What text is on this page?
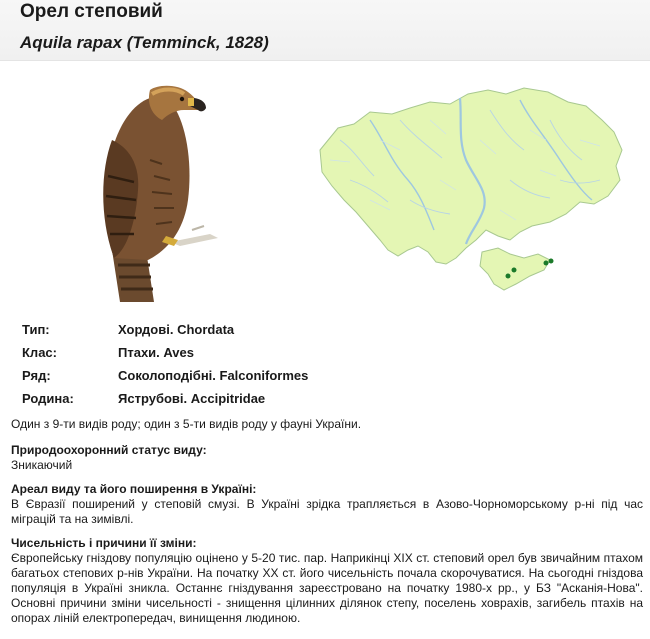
Орел степовий
Aquila rapax (Temminck, 1828)
Тип:	Хордові. Chordata
Клас:	Птахи. Aves
Ряд:	Соколоподібні. Falconiformes
Родина:	Яструбові. Accipitridae
Один з 9-ти видів роду; один з 5-ти видів роду у фауні України.
Природоохоронний статус виду:
Зникаючий
Ареал виду та його поширення в Україні:
В Євразії поширений у степовій смузі. В Україні зрідка трапляється в Азово-Чорноморському р-ні під час міграцій та на зимівлі.
Чисельність і причини її зміни:
Європейську гніздову популяцію оцінено у 5-20 тис. пар. Наприкінці XIX ст. степовий орел був звичайним птахом багатьох степових р-нів України. На початку XX ст. його чисельність почала скорочуватися. На сьогодні гніздова популяція в Україні зникла. Останнє гніздування зареєстровано на початку 1980-х рр., у БЗ "Асканія-Нова". Основні причини зміни чисельності - знищення цілинних ділянок степу, поселень ховрахів, загибель птахів на опорах ліній електропередач, винищення людиною.
